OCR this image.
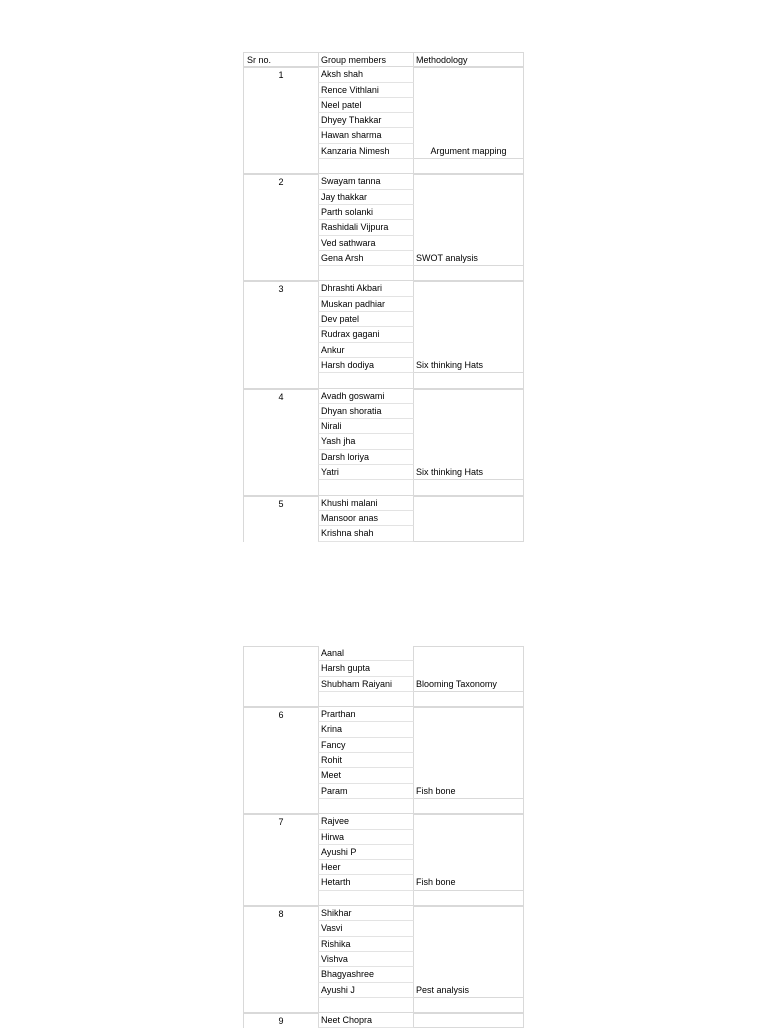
Sr no.	Group members	Methodology
1	Aksh shah
Rence Vithlani
Neel patel
Dhyey Thakkar
Hawan sharma
Kanzaria Nimesh	Argument mapping
2	Swayam tanna
Jay thakkar
Parth solanki
Rashidali Vijpura
Ved sathwara
Gena Arsh	SWOT analysis
3	Dhrashti Akbari
Muskan padhiar
Dev patel
Rudrax gagani
Ankur
Harsh dodiya	Six thinking Hats
4	Avadh goswami
Dhyan shoratia
Nirali
Yash jha
Darsh loriya
Yatri	Six thinking Hats
5	Khushi malani
Mansoor anas
Krishna shah
Aanal
Harsh gupta
Shubham Raiyani	Blooming Taxonomy
6	Prarthan
Krina
Fancy
Rohit
Meet
Param	Fish bone
7	Rajvee
Hirwa
Ayushi P
Heer
Hetarth	Fish bone
8	Shikhar
Vasvi
Rishika
Vishva
Bhagyashree
Ayushi J	Pest analysis
9	Neet Chopra
